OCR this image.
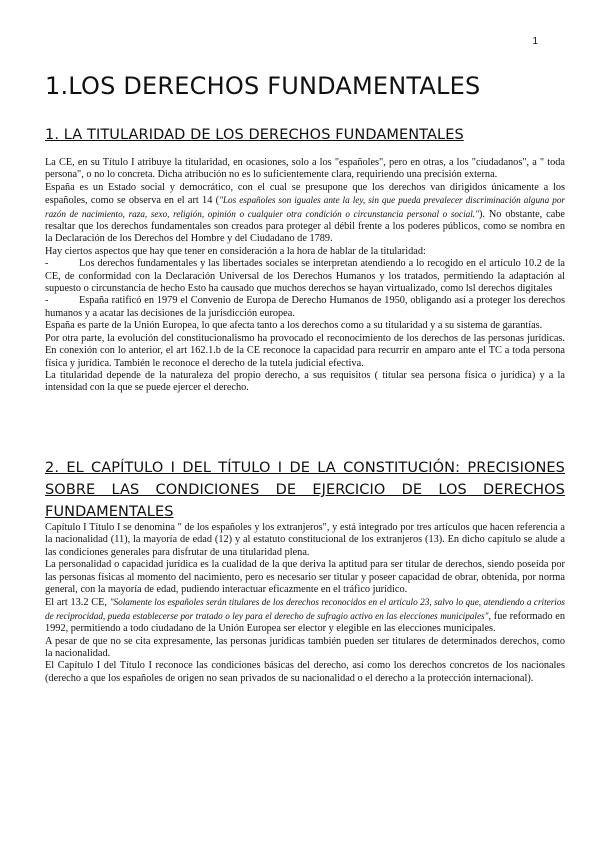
1
1.LOS DERECHOS FUNDAMENTALES
1. LA TITULARIDAD DE LOS DERECHOS FUNDAMENTALES

La CE, en su Título I atribuye la titularidad, en ocasiones, solo a los "españoles", pero en otras, a los "ciudadanos", a " toda persona", o no lo concreta. Dicha atribución no es lo suficientemente clara, requiriendo una precisión externa.

España es un Estado social y democrático, con el cual se presupone que los derechos van dirigidos únicamente a los españoles, como se observa en el art 14 ("Los españoles son iguales ante la ley, sin que pueda prevalecer discriminación alguna por razón de nacimiento, raza, sexo, religión, opinión o cualquier otra condición o circunstancia personal o social."). No obstante, cabe resaltar que los derechos fundamentales son creados para proteger al débil frente a los poderes públicos, como se nombra en la Declaración de los Derechos del Hombre y del Ciudadano de 1789.

Hay ciertos aspectos que hay que tener en consideración a la hora de hablar de la titularidad:

-	Los derechos fundamentales y las libertades sociales se interpretan atendiendo a lo recogido en el artículo 10.2 de la CE, de conformidad con la Declaración Universal de los Derechos Humanos y los tratados, permitiendo la adaptación al supuesto o circunstancia de hecho Esto ha causado que muchos derechos se hayan virtualizado, como lsl derechos digitales

-	España ratificó en 1979 el Convenio de Europa de Derecho Humanos de 1950, obligando así a proteger los derechos humanos y a acatar las decisiones de la jurisdicción europea.

España es parte de la Unión Europea, lo que afecta tanto a los derechos como a su titularidad y a su sistema de garantías.

Por otra parte, la evolución del constitucionalismo ha provocado el reconocimiento de los derechos de las personas jurídicas. En conexión con lo anterior, el art 162.1.b de la CE reconoce la capacidad para recurrir en amparo ante el TC a toda persona física y jurídica. También le reconoce el derecho de la tutela judicial efectiva.

La titularidad depende de la naturaleza del propio derecho, a sus requisitos ( titular sea persona física o jurídica) y a la intensidad con la que se puede ejercer el derecho.

2. EL CAPÍTULO I DEL TÍTULO I DE LA CONSTITUCIÓN: PRECISIONES
SOBRE LAS CONDICIONES DE EJERCICIO DE LOS DERECHOS
FUNDAMENTALES

Capítulo I Título I se denomina " de los españoles y los extranjeros", y está integrado por tres artículos que hacen referencia a la nacionalidad (11), la mayoría de edad (12) y al estatuto constitucional de los extranjeros (13). En dicho capítulo se alude a las condiciones generales para disfrutar de una titularidad plena.

La personalidad o capacidad jurídica es la cualidad de la que deriva la aptitud para ser titular de derechos, siendo poseída por las personas físicas al momento del nacimiento, pero es necesario ser titular y poseer capacidad de obrar, obtenida, por norma general, con la mayoría de edad, pudiendo interactuar eficazmente en el tráfico jurídico.

El art 13.2 CE, "Solamente los españoles serán titulares de los derechos reconocidos en el artículo 23, salvo lo que, atendiendo a criterios de reciprocidad, pueda establecerse por tratado o ley para el derecho de sufragio activo en las elecciones municipales", fue reformado en 1992, permitiendo a todo ciudadano de la Unión Europea ser elector y elegible en las elecciones municipales.

A pesar de que no se cita expresamente, las personas jurídicas también pueden ser titulares de determinados derechos, como la nacionalidad.

El Capítulo I del Título I reconoce las condiciones básicas del derecho, así como los derechos concretos de los nacionales (derecho a que los españoles de origen no sean privados de su nacionalidad o el derecho a la protección internacional).
